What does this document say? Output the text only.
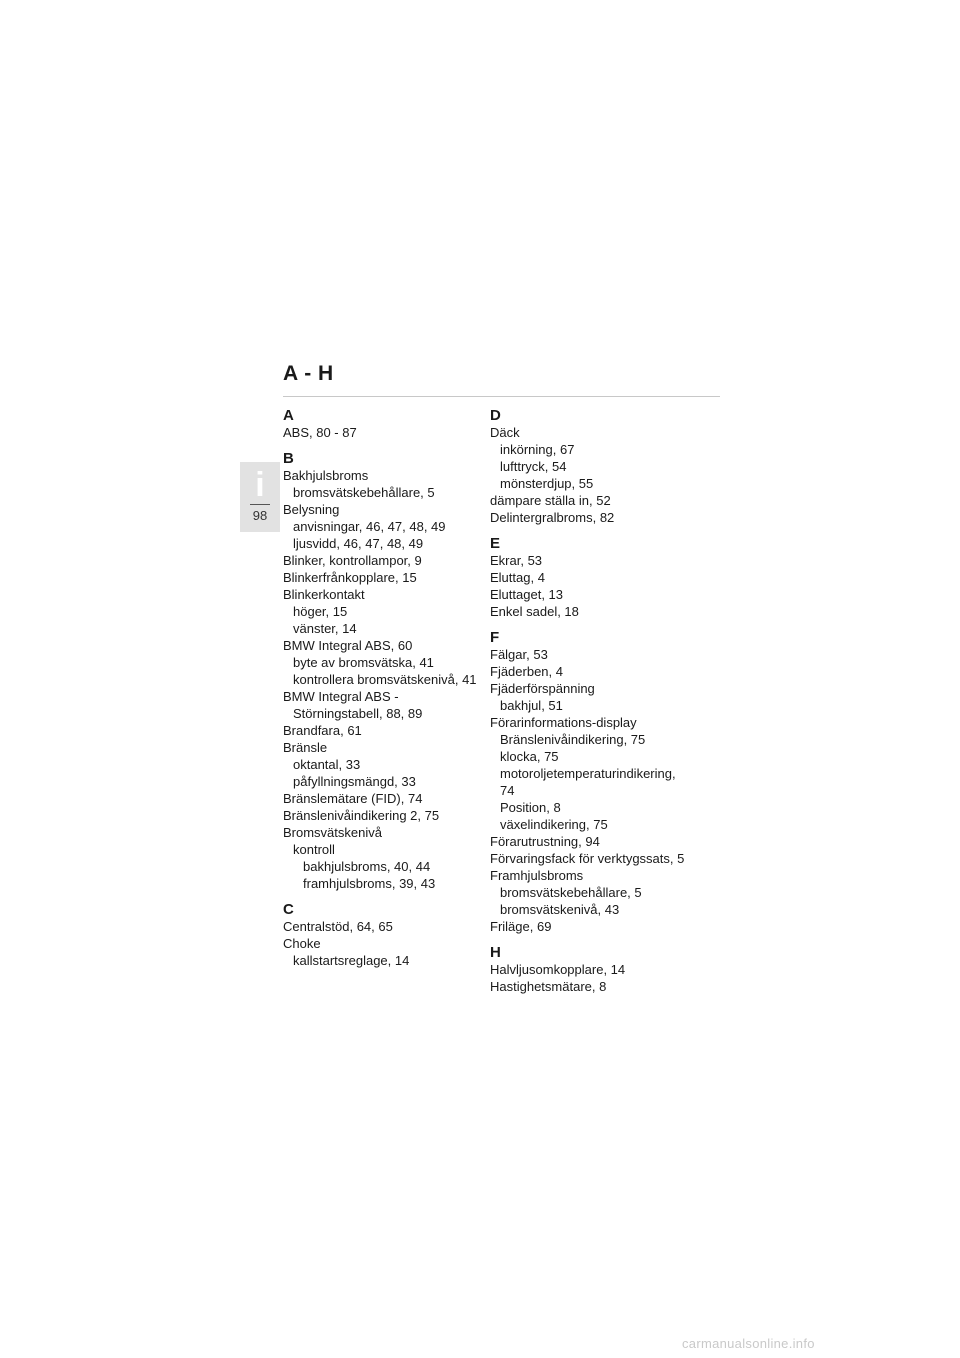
A - H
i
98
A
ABS, 80 - 87
B
Bakhjulsbroms
bromsvätskebehållare, 5
Belysning
anvisningar, 46, 47, 48, 49
ljusvidd, 46, 47, 48, 49
Blinker, kontrollampor, 9
Blinkerfrånkopplare, 15
Blinkerkontakt
höger, 15
vänster, 14
BMW Integral ABS, 60
byte av bromsvätska, 41
kontrollera bromsvätskenivå, 41
BMW Integral ABS -
Störningstabell, 88, 89
Brandfara, 61
Bränsle
oktantal, 33
påfyllningsmängd, 33
Bränslemätare (FID), 74
Bränslenivåindikering 2, 75
Bromsvätskenivå
kontroll
bakhjulsbroms, 40, 44
framhjulsbroms, 39, 43
C
Centralstöd, 64, 65
Choke
kallstartsreglage, 14
D
Däck
inkörning, 67
lufttryck, 54
mönsterdjup, 55
dämpare ställa in, 52
Delintergralbroms, 82
E
Ekrar, 53
Eluttag, 4
Eluttaget, 13
Enkel sadel, 18
F
Fälgar, 53
Fjäderben, 4
Fjäderförspänning
bakhjul, 51
Förarinformations-display
Bränslenivåindikering, 75
klocka, 75
motoroljetemperaturindikering,
74
Position, 8
växelindikering, 75
Förarutrustning, 94
Förvaringsfack för verktygssats, 5
Framhjulsbroms
bromsvätskebehållare, 5
bromsvätskenivå, 43
Friläge, 69
H
Halvljusomkopplare, 14
Hastighetsmätare, 8
carmanualsonline.info
